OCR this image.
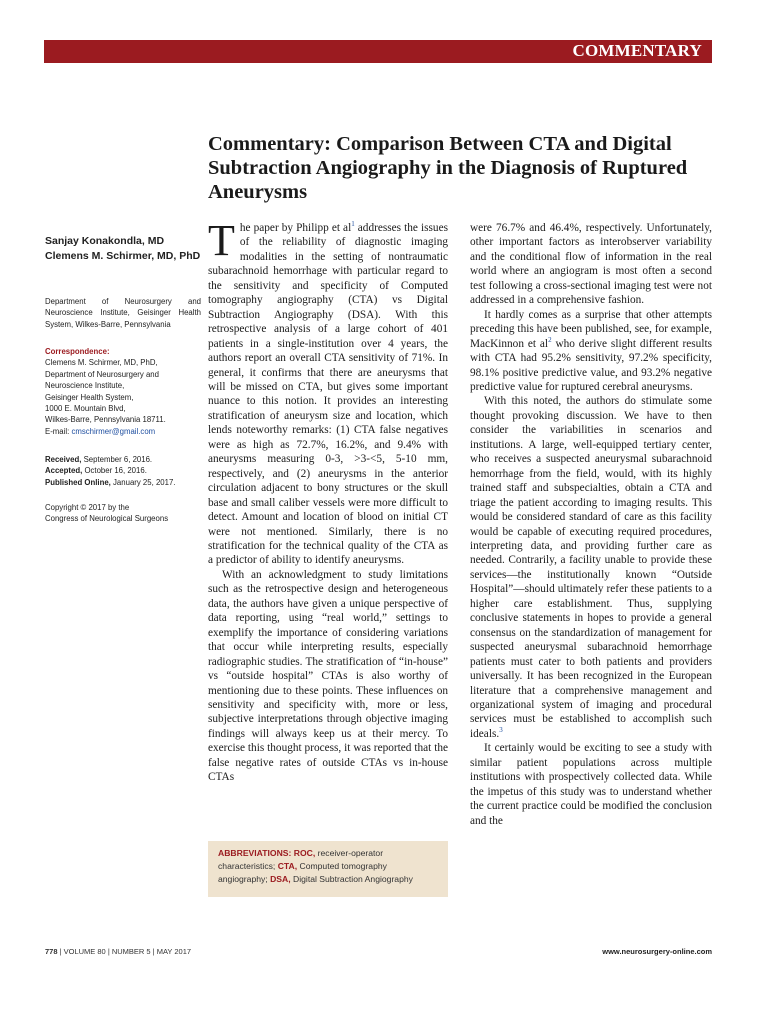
COMMENTARY
Commentary: Comparison Between CTA and Digital Subtraction Angiography in the Diagnosis of Ruptured Aneurysms
Sanjay Konakondla, MD
Clemens M. Schirmer, MD, PhD
Department of Neurosurgery and Neuroscience Institute, Geisinger Health System, Wilkes-Barre, Pennsylvania
Correspondence:
Clemens M. Schirmer, MD, PhD,
Department of Neurosurgery and
Neuroscience Institute,
Geisinger Health System,
1000 E. Mountain Blvd,
Wilkes-Barre, Pennsylvania 18711.
E-mail: cmschirmer@gmail.com
Received, September 6, 2016.
Accepted, October 16, 2016.
Published Online, January 25, 2017.
Copyright © 2017 by the
Congress of Neurological Surgeons

The paper by Philipp et $al^1$ addresses the issues of the reliability of diagnostic imaging modalities in the setting of nontraumatic subarachnoid hemorrhage with particular regard to the sensitivity and specificity of Computed tomography angiography (CTA) vs Digital Subtraction Angiography (DSA). With this retrospective analysis of a large cohort of 401 patients in a single-institution over 4 years, the authors report an overall CTA sensitivity of 71%. In general, it confirms that there are aneurysms that will be missed on CTA, but gives some important nuance to this notion. It provides an interesting stratification of aneurysm size and location, which lends noteworthy remarks: (1) CTA false negatives were as high as 72.7%, 16.2%, and 9.4% with aneurysms measuring 0-3, >3-<5, 5-10 mm, respectively, and (2) aneurysms in the anterior circulation adjacent to bony structures or the skull base and small caliber vessels were more difficult to detect. Amount and location of blood on initial CT were not mentioned. Similarly, there is no stratification for the technical quality of the CTA as a predictor of ability to identify aneurysms.

With an acknowledgment to study limitations such as the retrospective design and heterogeneous data, the authors have given a unique perspective of data reporting, using “real world,” settings to exemplify the importance of considering variations that occur while interpreting results, especially radiographic studies. The stratification of “in-house” vs “outside hospital” CTAs is also worthy of mentioning due to these points. These influences on sensitivity and specificity with, more or less, subjective interpretations through objective imaging findings will always keep us at their mercy. To exercise this thought process, it was reported that the false negative rates of outside CTAs vs in-house CTAs

were 76.7% and 46.4%, respectively. Unfortunately, other important factors as interobserver variability and the conditional flow of information in the real world where an angiogram is most often a second test following a cross-sectional imaging test were not addressed in a comprehensive fashion.

It hardly comes as a surprise that other attempts preceding this have been published, see, for example, MacKinnon et $al^2$ who derive slight different results with CTA had 95.2% sensitivity, 97.2% specificity, 98.1% positive predictive value, and 93.2% negative predictive value for ruptured cerebral aneurysms.

With this noted, the authors do stimulate some thought provoking discussion. We have to then consider the variabilities in scenarios and institutions. A large, well-equipped tertiary center, who receives a suspected aneurysmal subarachnoid hemorrhage from the field, would, with its highly trained staff and subspecialties, obtain a CTA and triage the patient according to imaging results. This would be considered standard of care as this facility would be capable of executing required procedures, interpreting data, and providing further care as needed. Contrarily, a facility unable to provide these services—the institutionally known “Outside Hospital”—should ultimately refer these patients to a higher care establishment. Thus, supplying conclusive statements in hopes to provide a general consensus on the standardization of management for suspected aneurysmal subarachnoid hemorrhage patients must cater to both patients and providers universally. It has been recognized in the European literature that a comprehensive management and organizational system of imaging and procedural services must be established to accomplish such ideals.$^3$

It certainly would be exciting to see a study with similar patient populations across multiple institutions with prospectively collected data. While the impetus of this study was to understand whether the current practice could be modified the conclusion and the

ABBREVIATIONS: ROC, receiver-operator characteristics; CTA, Computed tomography angiography; DSA, Digital Subtraction Angiography
778 | VOLUME 80 | NUMBER 5 | MAY 2017	www.neurosurgery-online.com
